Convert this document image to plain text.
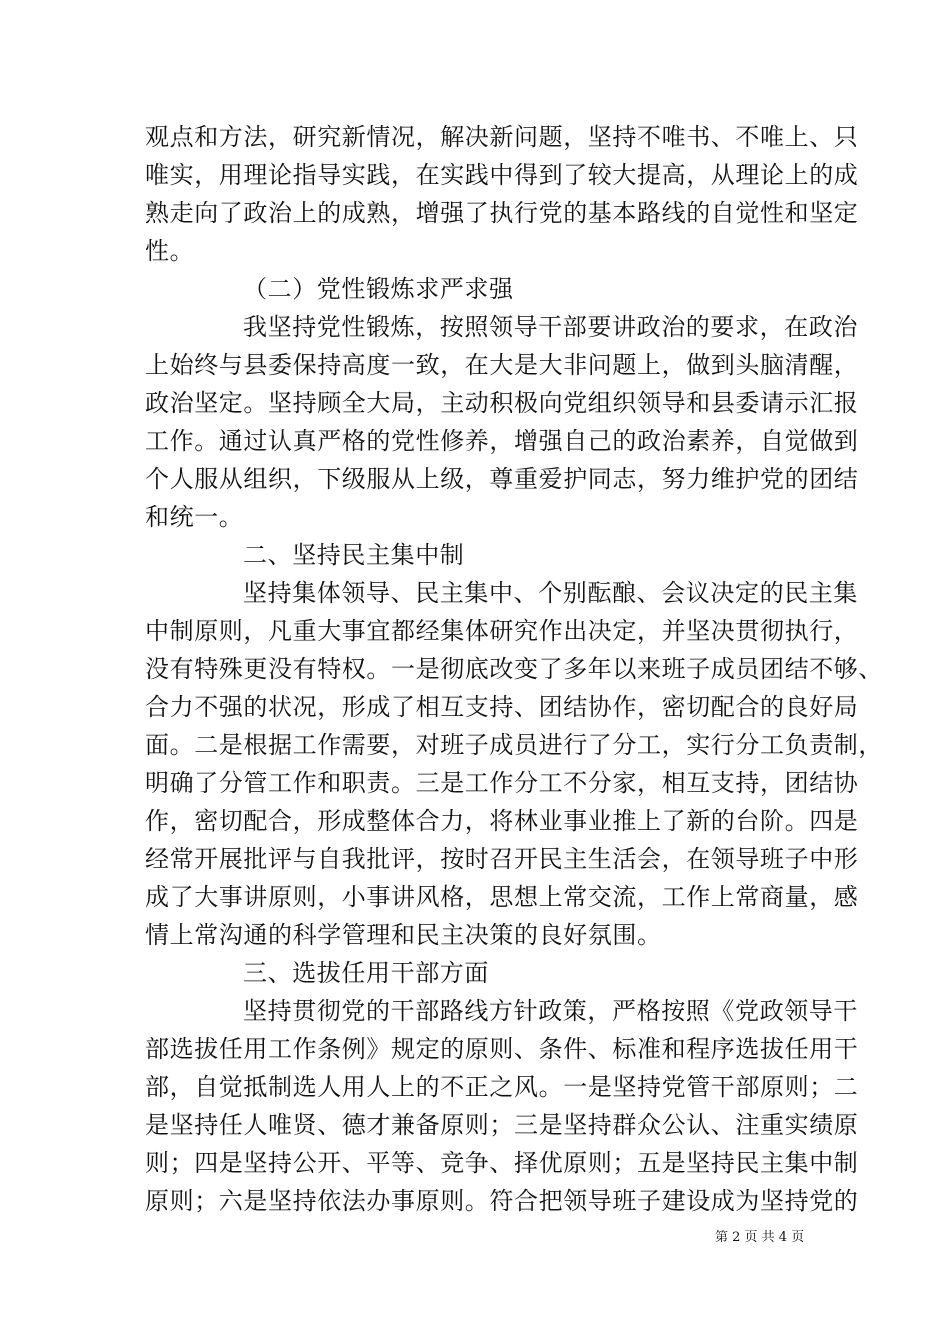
观点和方法，研究新情况，解决新问题，坚持不唯书、不唯上、只
唯实，用理论指导实践，在实践中得到了较大提高，从理论上的成
熟走向了政治上的成熟，增强了执行党的基本路线的自觉性和坚定
性。
（二）党性锻炼求严求强
我坚持党性锻炼，按照领导干部要讲政治的要求，在政治
上始终与县委保持高度一致，在大是大非问题上，做到头脑清醒，
政治坚定。坚持顾全大局，主动积极向党组织领导和县委请示汇报
工作。通过认真严格的党性修养，增强自己的政治素养，自觉做到
个人服从组织，下级服从上级，尊重爱护同志，努力维护党的团结
和统一。
二、坚持民主集中制
坚持集体领导、民主集中、个别酝酿、会议决定的民主集
中制原则，凡重大事宜都经集体研究作出决定，并坚决贯彻执行，
没有特殊更没有特权。一是彻底改变了多年以来班子成员团结不够、
合力不强的状况，形成了相互支持、团结协作，密切配合的良好局
面。二是根据工作需要，对班子成员进行了分工，实行分工负责制，
明确了分管工作和职责。三是工作分工不分家，相互支持，团结协
作，密切配合，形成整体合力，将林业事业推上了新的台阶。四是
经常开展批评与自我批评，按时召开民主生活会，在领导班子中形
成了大事讲原则，小事讲风格，思想上常交流，工作上常商量，感
情上常沟通的科学管理和民主决策的良好氛围。
三、选拔任用干部方面
坚持贯彻党的干部路线方针政策，严格按照《党政领导干
部选拔任用工作条例》规定的原则、条件、标准和程序选拔任用干
部，自觉抵制选人用人上的不正之风。一是坚持党管干部原则；二
是坚持任人唯贤、德才兼备原则；三是坚持群众公认、注重实绩原
则；四是坚持公开、平等、竞争、择优原则；五是坚持民主集中制
原则；六是坚持依法办事原则。符合把领导班子建设成为坚持党的
第 2 页 共 4 页
